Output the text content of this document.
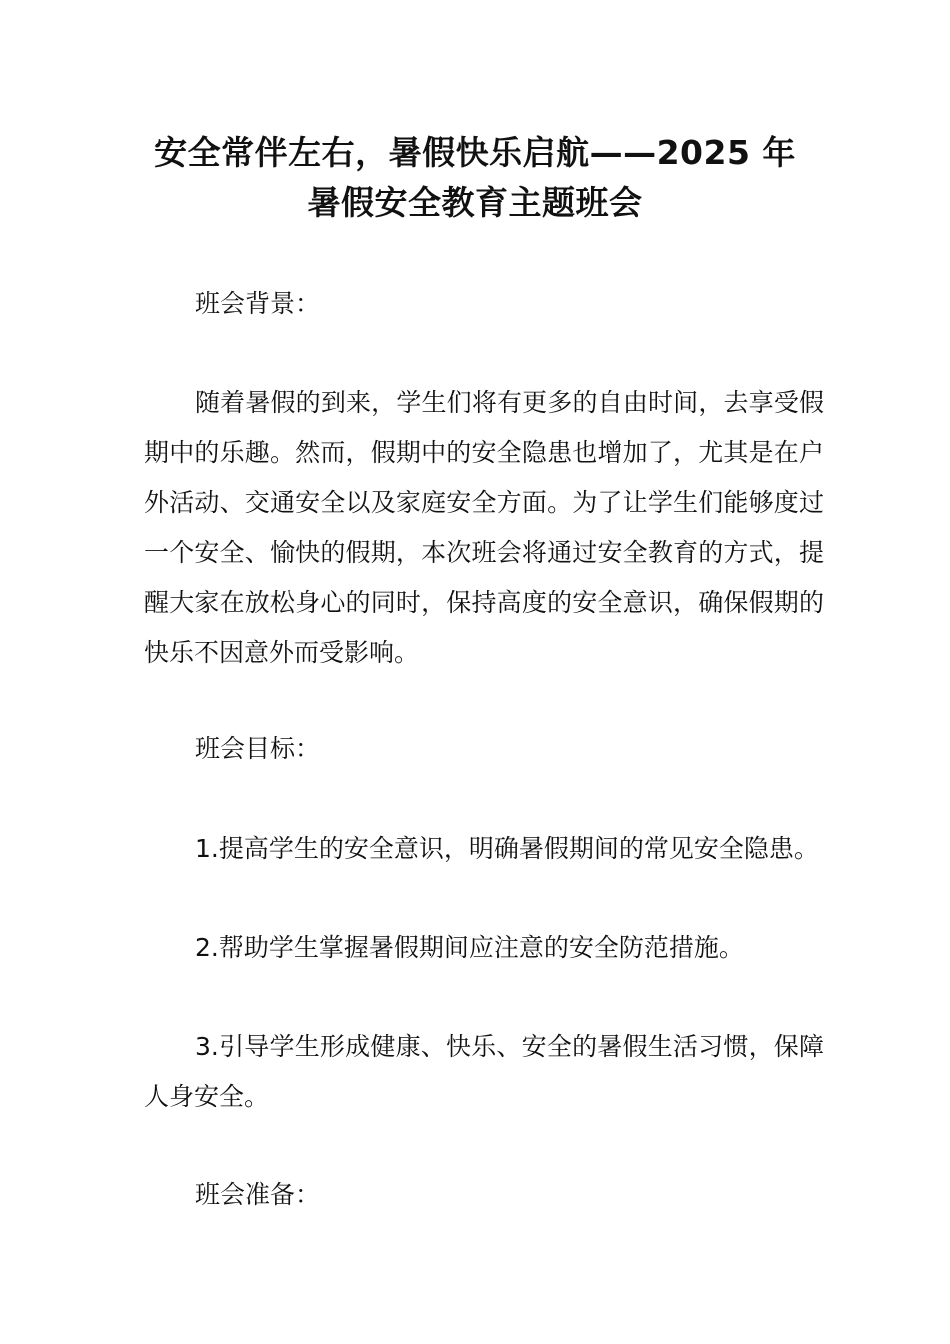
安全常伴左右，暑假快乐启航——2025 年
暑假安全教育主题班会

班会背景：

随着暑假的到来，学生们将有更多的自由时间，去享受假期中的乐趣。然而，假期中的安全隐患也增加了，尤其是在户外活动、交通安全以及家庭安全方面。为了让学生们能够度过一个安全、愉快的假期，本次班会将通过安全教育的方式，提醒大家在放松身心的同时，保持高度的安全意识，确保假期的快乐不因意外而受影响。

班会目标：

1.提高学生的安全意识，明确暑假期间的常见安全隐患。

2.帮助学生掌握暑假期间应注意的安全防范措施。

3.引导学生形成健康、快乐、安全的暑假生活习惯，保障人身安全。

班会准备：
